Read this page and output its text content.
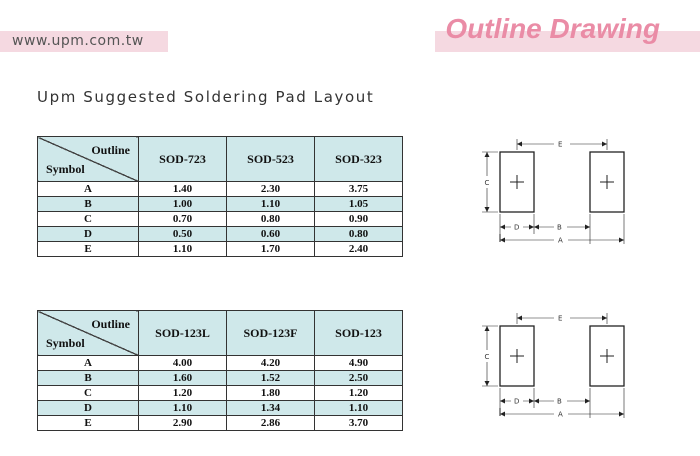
www.upm.com.tw	Outline Drawing
Upm Suggested Soldering Pad Layout
Outline
Symbol	SOD-723	SOD-523	SOD-323
A	1.40	2.30	3.75
B	1.00	1.10	1.05
C	0.70	0.80	0.90
D	0.50	0.60	0.80
E	1.10	1.70	2.40
Outline
Symbol	SOD-123L	SOD-123F	SOD-123
A	4.00	4.20	4.90
B	1.60	1.52	2.50
C	1.20	1.80	1.20
D	1.10	1.34	1.10
E	2.90	2.86	3.70
E
C
D	B
A
E
C
D	B
A
